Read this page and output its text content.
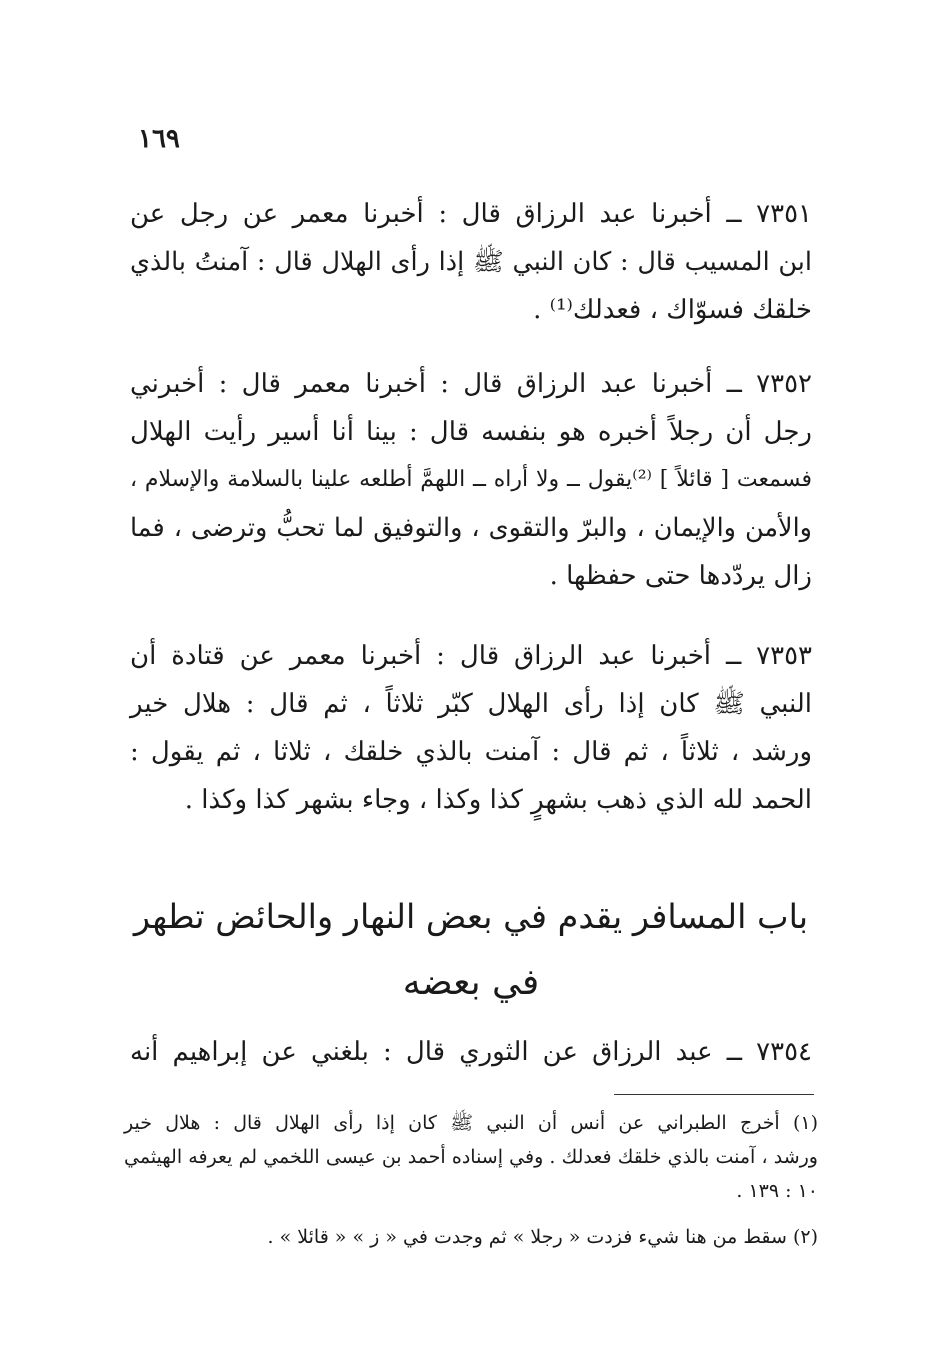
١٦٩
٧٣٥١ ــ أخبرنا عبد الرزاق قال : أخبرنا معمر عن رجل عن
ابن المسيب قال : كان النبي ﷺ إذا رأى الهلال قال : آمنتُ بالذي
خلقك فسوّاك ، فعدلك⁽¹⁾ .
٧٣٥٢ ــ أخبرنا عبد الرزاق قال : أخبرنا معمر قال : أخبرني
رجل أن رجلاً أخبره هو بنفسه قال : بينا أنا أسير رأيت الهلال
فسمعت [ قائلاً ] ⁽²⁾يقول ــ ولا أراه ــ اللهمَّ أطلعه علينا بالسلامة والإسلام ،
والأمن والإيمان ، والبرّ والتقوى ، والتوفيق لما تحبُّ وترضى ، فما
زال يردّدها حتى حفظها .
٧٣٥٣ ــ أخبرنا عبد الرزاق قال : أخبرنا معمر عن قتادة أن
النبي ﷺ كان إذا رأى الهلال كبّر ثلاثاً ، ثم قال : هلال خير
ورشد ، ثلاثاً ، ثم قال : آمنت بالذي خلقك ، ثلاثا ، ثم يقول :
الحمد لله الذي ذهب بشهرٍ كذا وكذا ، وجاء بشهر كذا وكذا .
باب المسافر يقدم في بعض النهار والحائض تطهر
في بعضه
٧٣٥٤ ــ عبد الرزاق عن الثوري قال : بلغني عن إبراهيم أنه
(١) أخرج الطبراني عن أنس أن النبي ﷺ كان إذا رأى الهلال قال : هلال خير
ورشد ، آمنت بالذي خلقك فعدلك . وفي إسناده أحمد بن عيسى اللخمي لم يعرفه الهيثمي
١٠ : ١٣٩ .
(٢) سقط من هنا شيء فزدت « رجلا » ثم وجدت في « ز » « قائلا » .
